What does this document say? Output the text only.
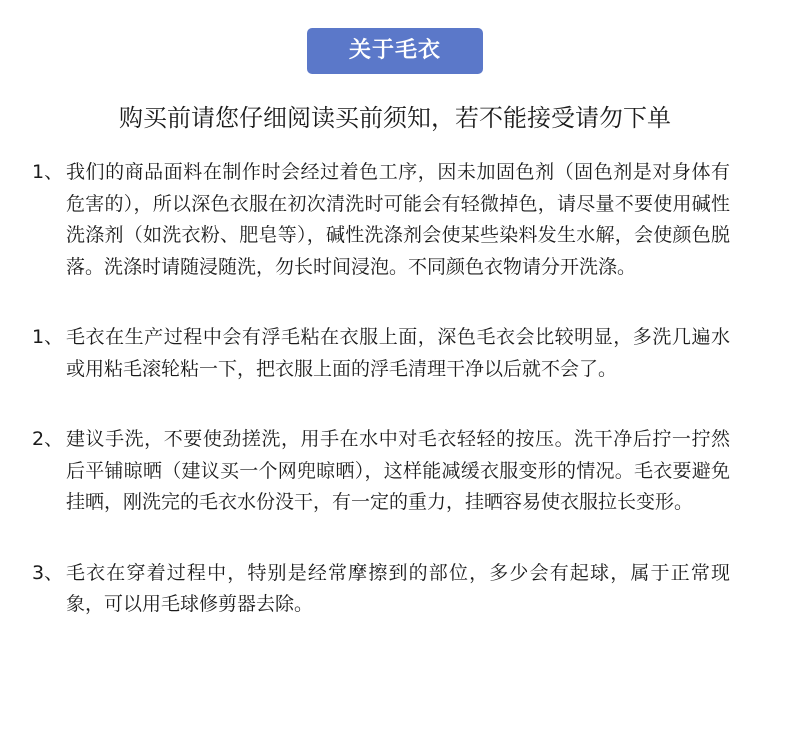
关于毛衣
购买前请您仔细阅读买前须知，若不能接受请勿下单
1、 我们的商品面料在制作时会经过着色工序，因未加固色剂（固色剂是对身体有危害的），所以深色衣服在初次清洗时可能会有轻微掉色，请尽量不要使用碱性洗涤剂（如洗衣粉、肥皂等），碱性洗涤剂会使某些染料发生水解，会使颜色脱落。洗涤时请随浸随洗，勿长时间浸泡。不同颜色衣物请分开洗涤。
1、 毛衣在生产过程中会有浮毛粘在衣服上面，深色毛衣会比较明显，多洗几遍水或用粘毛滚轮粘一下，把衣服上面的浮毛清理干净以后就不会了。
2、 建议手洗，不要使劲搓洗，用手在水中对毛衣轻轻的按压。洗干净后拧一拧然后平铺晾晒（建议买一个网兜晾晒），这样能减缓衣服变形的情况。毛衣要避免挂晒，刚洗完的毛衣水份没干，有一定的重力，挂晒容易使衣服拉长变形。
3、 毛衣在穿着过程中，特别是经常摩擦到的部位，多少会有起球，属于正常现象，可以用毛球修剪器去除。
